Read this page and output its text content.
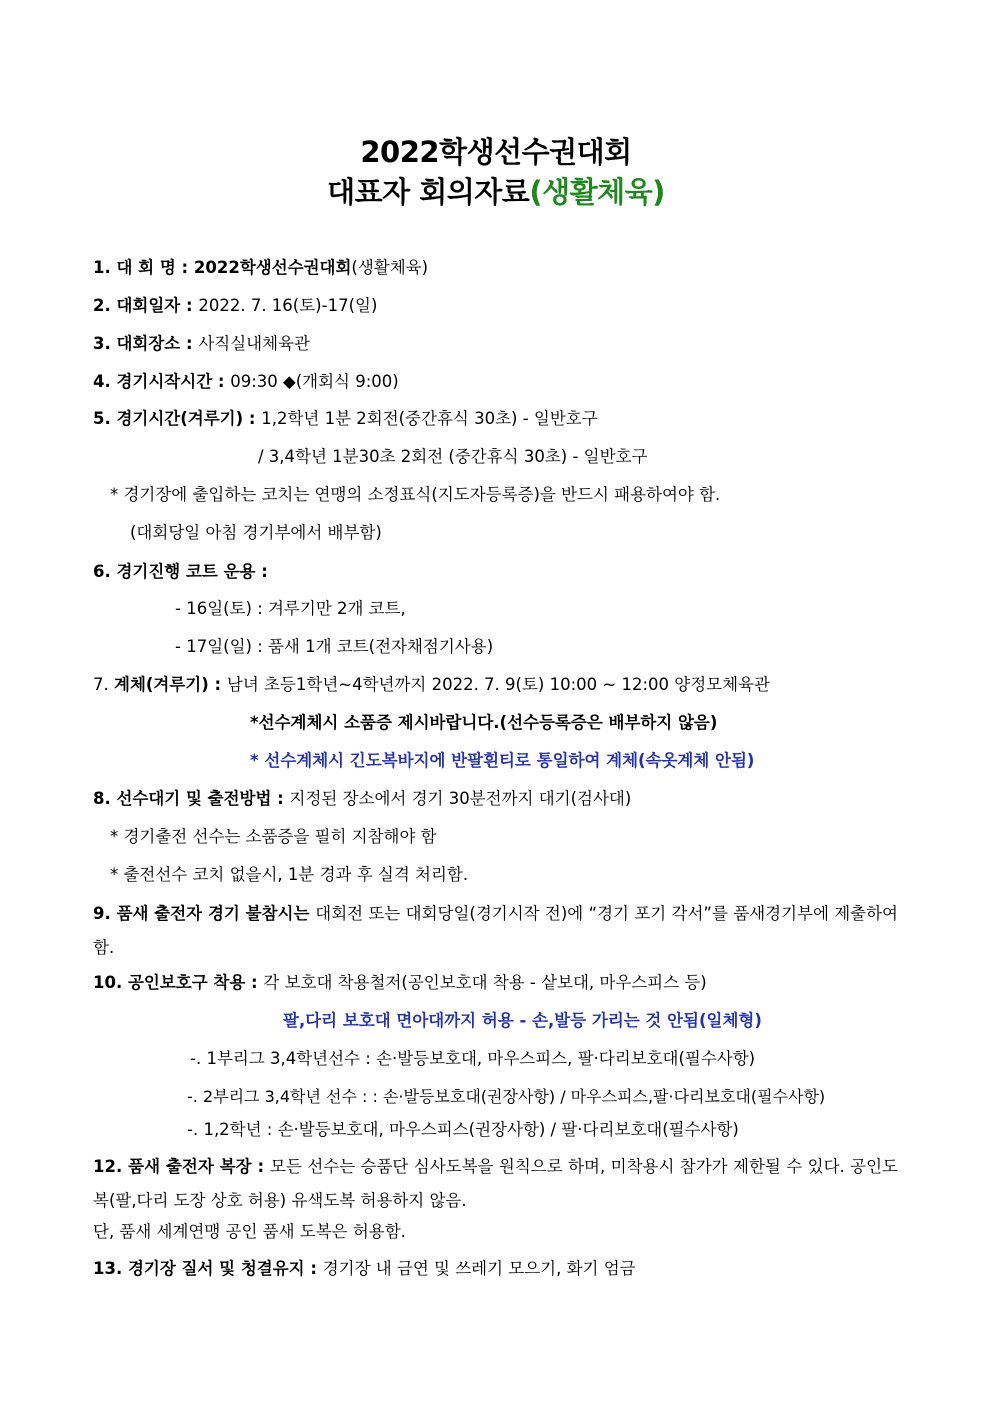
2022학생선수권대회
대표자 회의자료(생활체육)
1. 대 회 명 : 2022학생선수권대회(생활체육)
2. 대회일자 : 2022. 7. 16(토)-17(일)
3. 대회장소 : 사직실내체육관
4. 경기시작시간 : 09:30 ◆(개회식 9:00)
5. 경기시간(겨루기) : 1,2학년 1분 2회전(중간휴식 30초) - 일반호구
/ 3,4학년 1분30초 2회전 (중간휴식 30초) - 일반호구
* 경기장에 출입하는 코치는 연맹의 소정표식(지도자등록증)을 반드시 패용하여야 함.
(대회당일 아침 경기부에서 배부함)
6. 경기진행 코트 운용 :
- 16일(토) : 겨루기만 2개 코트,
- 17일(일) : 품새 1개 코트(전자채점기사용)
7. 계체(겨루기) : 남녀 초등1학년~4학년까지 2022. 7. 9(토) 10:00 ~ 12:00 양정모체육관
*선수계체시 소품증 제시바랍니다.(선수등록증은 배부하지 않음)
* 선수계체시 긴도복바지에 반팔흰티로 통일하여 계체(속옷계체 안됨)
8. 선수대기 및 출전방법 : 지정된 장소에서 경기 30분전까지 대기(검사대)
* 경기출전 선수는 소품증을 필히 지참해야 함
* 출전선수 코치 없을시, 1분 경과 후 실격 처리함.
9. 품새 출전자 경기 불참시는 대회전 또는 대회당일(경기시작 전)에 “경기 포기 각서”를 품새경기부에 제출하여 함.
10. 공인보호구 착용 : 각 보호대 착용철저(공인보호대 착용 - 샅보대, 마우스피스 등)
팔,다리 보호대 면아대까지 허용 - 손,발등 가리는 것 안됨(일체형)
-. 1부리그 3,4학년선수 : 손·발등보호대, 마우스피스, 팔·다리보호대(필수사항)
-. 2부리그 3,4학년 선수 : : 손·발등보호대(권장사항) / 마우스피스,팔·다리보호대(필수사항)
-. 1,2학년 : 손·발등보호대, 마우스피스(권장사항) / 팔·다리보호대(필수사항)
12. 품새 출전자 복장 : 모든 선수는 승품단 심사도복을 원칙으로 하며, 미착용시 참가가 제한될 수 있다. 공인도복(팔,다리 도장 상호 허용) 유색도복 허용하지 않음.
단, 품새 세계연맹 공인 품새 도복은 허용함.
13. 경기장 질서 및 청결유지 : 경기장 내 금연 및 쓰레기 모으기, 화기 엄금
